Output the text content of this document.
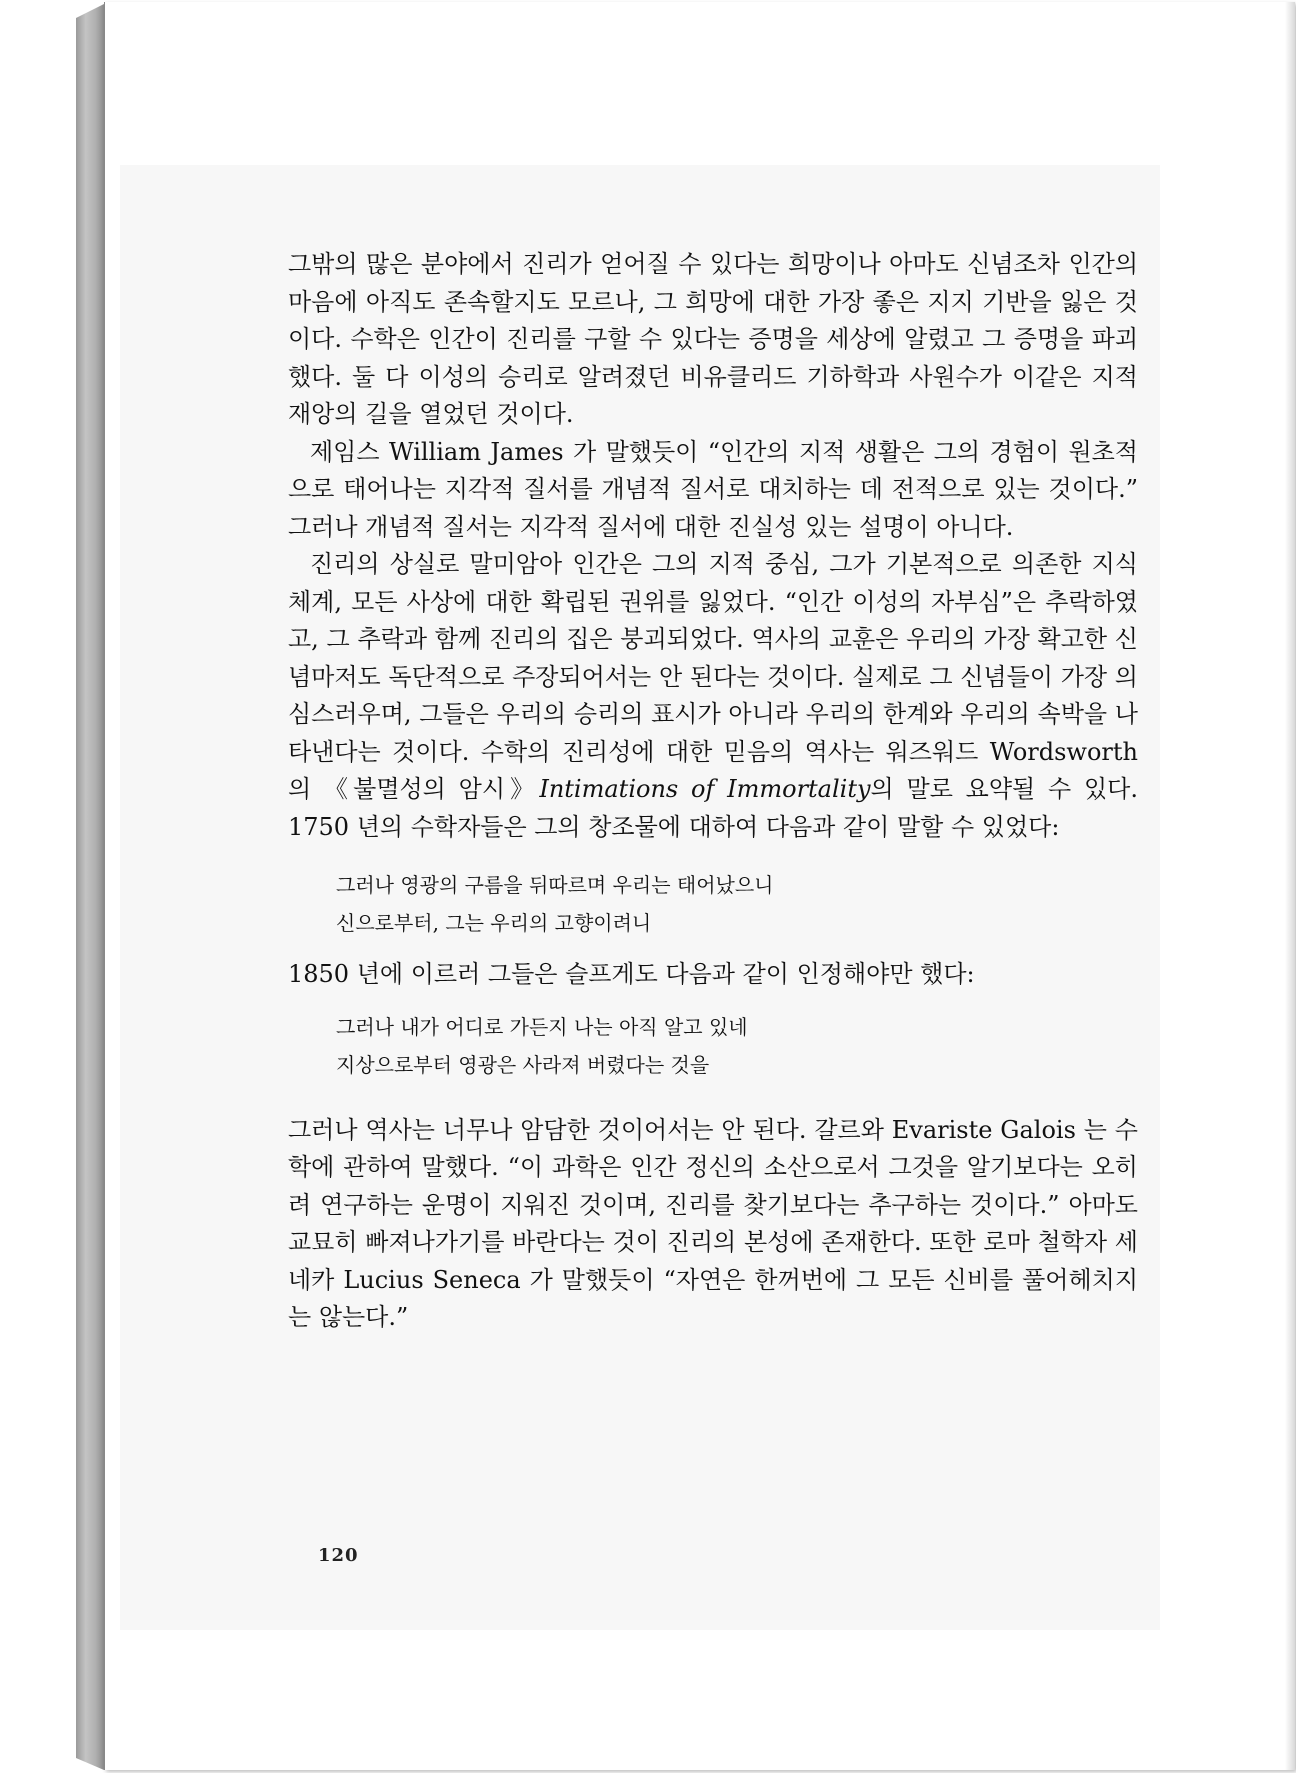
그밖의 많은 분야에서 진리가 얻어질 수 있다는 희망이나 아마도 신념조차 인간의 마음에 아직도 존속할지도 모르나, 그 희망에 대한 가장 좋은 지지 기반을 잃은 것이다. 수학은 인간이 진리를 구할 수 있다는 증명을 세상에 알렸고 그 증명을 파괴했다. 둘 다 이성의 승리로 알려졌던 비유클리드 기하학과 사원수가 이같은 지적 재앙의 길을 열었던 것이다.

제임스 William James 가 말했듯이 “인간의 지적 생활은 그의 경험이 원초적으로 태어나는 지각적 질서를 개념적 질서로 대치하는 데 전적으로 있는 것이다.” 그러나 개념적 질서는 지각적 질서에 대한 진실성 있는 설명이 아니다.

진리의 상실로 말미암아 인간은 그의 지적 중심, 그가 기본적으로 의존한 지식 체계, 모든 사상에 대한 확립된 권위를 잃었다. “인간 이성의 자부심”은 추락하였고, 그 추락과 함께 진리의 집은 붕괴되었다. 역사의 교훈은 우리의 가장 확고한 신념마저도 독단적으로 주장되어서는 안 된다는 것이다. 실제로 그 신념들이 가장 의심스러우며, 그들은 우리의 승리의 표시가 아니라 우리의 한계와 우리의 속박을 나타낸다는 것이다. 수학의 진리성에 대한 믿음의 역사는 워즈워드 Wordsworth 의 《불멸성의 암시》Intimations of Immortality의 말로 요약될 수 있다. 1750 년의 수학자들은 그의 창조물에 대하여 다음과 같이 말할 수 있었다:

그러나 영광의 구름을 뒤따르며 우리는 태어났으니
신으로부터, 그는 우리의 고향이려니

1850 년에 이르러 그들은 슬프게도 다음과 같이 인정해야만 했다:

그러나 내가 어디로 가든지 나는 아직 알고 있네
지상으로부터 영광은 사라져 버렸다는 것을

그러나 역사는 너무나 암담한 것이어서는 안 된다. 갈르와 Evariste Galois 는 수학에 관하여 말했다. “이 과학은 인간 정신의 소산으로서 그것을 알기보다는 오히려 연구하는 운명이 지워진 것이며, 진리를 찾기보다는 추구하는 것이다.” 아마도 교묘히 빠져나가기를 바란다는 것이 진리의 본성에 존재한다. 또한 로마 철학자 세네카 Lucius Seneca 가 말했듯이 “자연은 한꺼번에 그 모든 신비를 풀어헤치지는 않는다.”

120
